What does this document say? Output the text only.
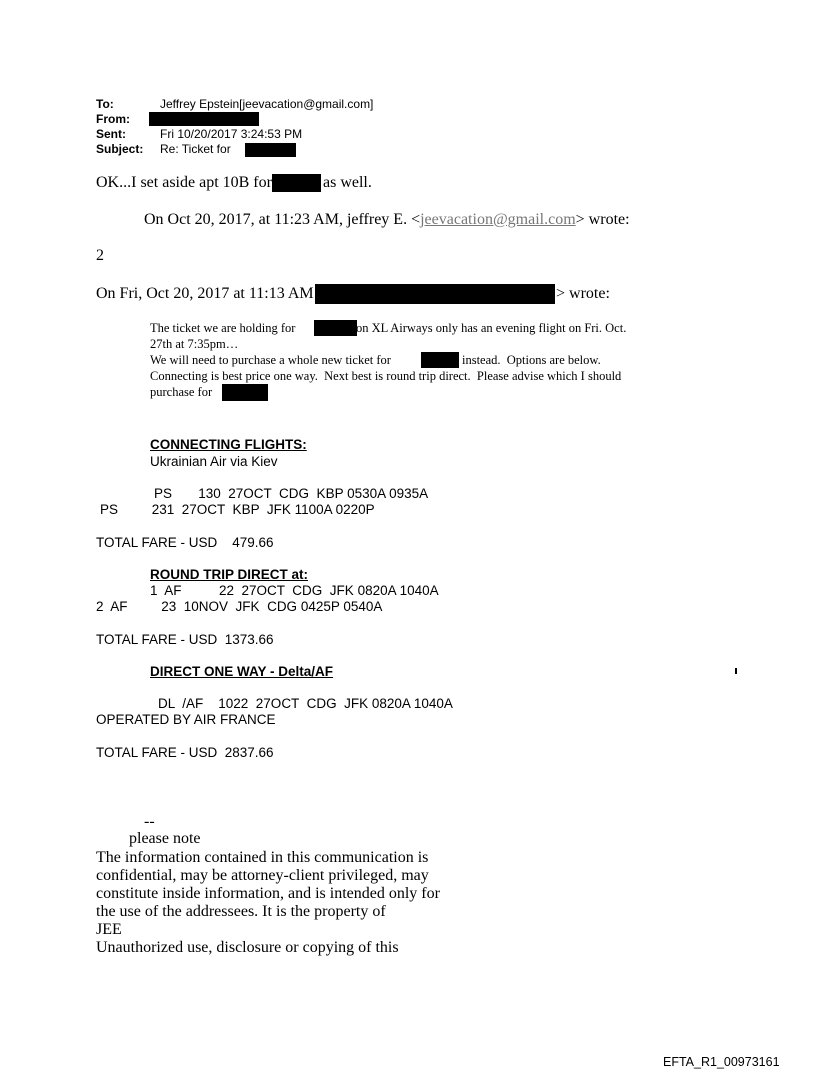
To:	Jeffrey Epstein[jeevacation@gmail.com]
From:
Sent:	Fri 10/20/2017 3:24:53 PM
Subject: Re: Ticket for
OK...I set aside apt 10B for	as well.
On Oct 20, 2017, at 11:23 AM, jeffrey E. <jeevacation@gmail.com> wrote:
2
On Fri, Oct 20, 2017 at 11:13 AM	> wrote:
The ticket we are holding for	on XL Airways only has an evening flight on Fri. Oct.
27th at 7:35pm…
We will need to purchase a whole new ticket for	instead.  Options are below.
Connecting is best price one way.  Next best is round trip direct.  Please advise which I should
purchase for
CONNECTING FLIGHTS:
Ukrainian Air via Kiev
PS       130  27OCT  CDG  KBP 0530A 0935A
PS         231  27OCT  KBP  JFK 1100A 0220P
TOTAL FARE - USD    479.66
ROUND TRIP DIRECT at:
1  AF          22  27OCT  CDG  JFK 0820A 1040A
2  AF         23  10NOV  JFK  CDG 0425P 0540A
TOTAL FARE - USD  1373.66
DIRECT ONE WAY - Delta/AF
DL  /AF    1022  27OCT  CDG  JFK 0820A 1040A
OPERATED BY AIR FRANCE
TOTAL FARE - USD  2837.66
--
please note
The information contained in this communication is
confidential, may be attorney-client privileged, may
constitute inside information, and is intended only for
the use of the addressees. It is the property of
JEE
Unauthorized use, disclosure or copying of this
EFTA_R1_00973161
